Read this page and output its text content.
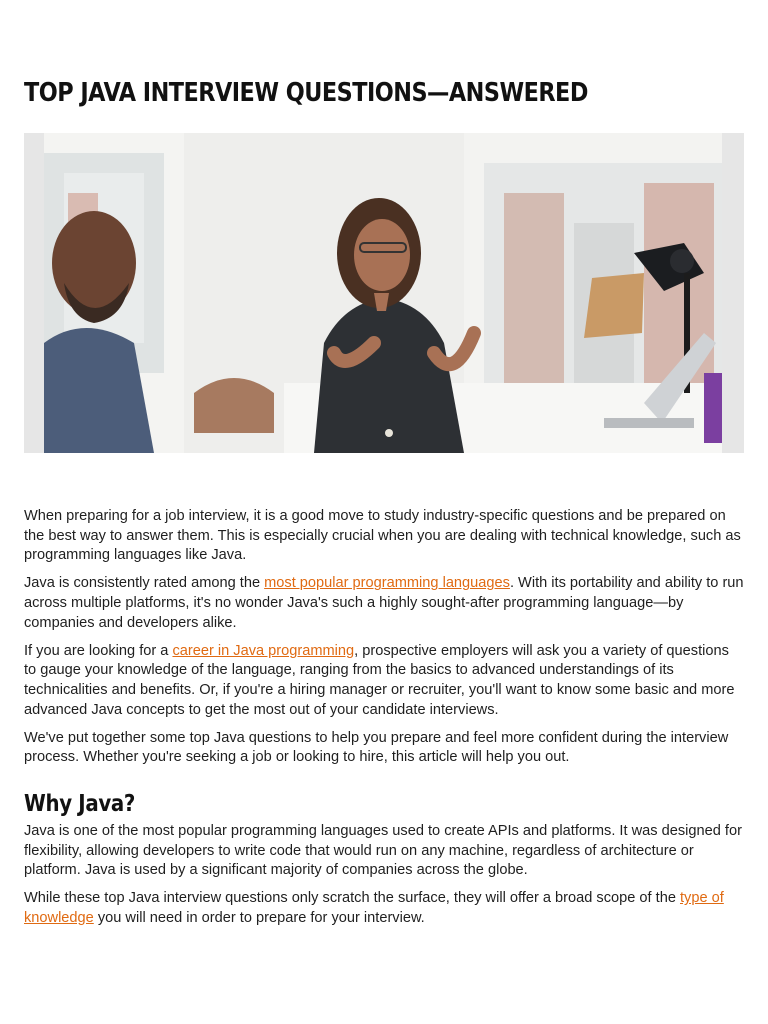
TOP JAVA INTERVIEW QUESTIONS—ANSWERED

When preparing for a job interview, it is a good move to study industry-specific questions and be prepared on the best way to answer them. This is especially crucial when you are dealing with technical knowledge, such as programming languages like Java.

Java is consistently rated among the most popular programming languages. With its portability and ability to run across multiple platforms, it's no wonder Java's such a highly sought-after programming language—by companies and developers alike.

If you are looking for a career in Java programming, prospective employers will ask you a variety of questions to gauge your knowledge of the language, ranging from the basics to advanced understandings of its technicalities and benefits. Or, if you're a hiring manager or recruiter, you'll want to know some basic and more advanced Java concepts to get the most out of your candidate interviews.

We've put together some top Java questions to help you prepare and feel more confident during the interview process. Whether you're seeking a job or looking to hire, this article will help you out.

Why Java?

Java is one of the most popular programming languages used to create APIs and platforms. It was designed for flexibility, allowing developers to write code that would run on any machine, regardless of architecture or platform. Java is used by a significant majority of companies across the globe.

While these top Java interview questions only scratch the surface, they will offer a broad scope of the type of knowledge you will need in order to prepare for your interview.
